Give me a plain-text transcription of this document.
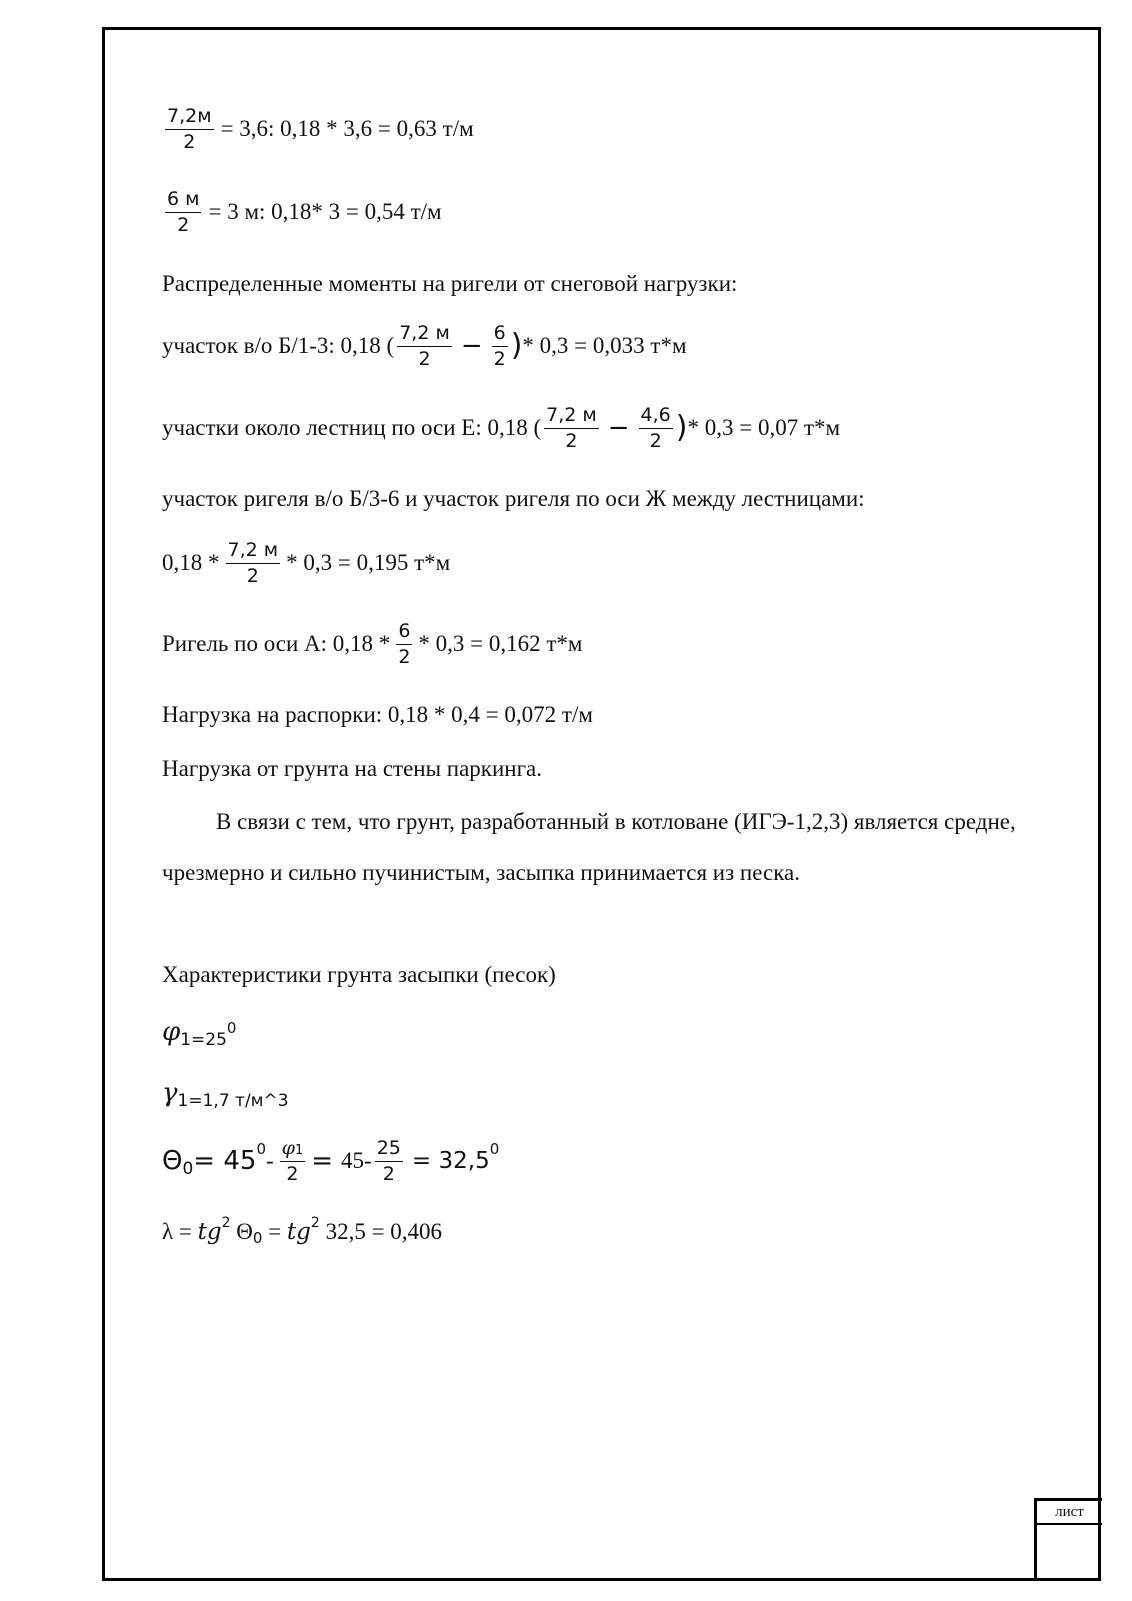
лист
$\frac{7,2м}{2} = 3,6$: 0,18 * 3,6 = 0,63 т/м
$\frac{6 м}{2} = 3$ м: 0,18* 3 = 0,54 т/м
Распределенные моменты на ригели от снеговой нагрузки:
участок в/о Б/1-3: 0,18 ( $\frac{7,2 м}{2} - \frac{6}{2}$ ) * 0,3 = 0,033 т*м
участки около лестниц по оси Е: 0,18 ( $\frac{7,2 м}{2} - \frac{4,6}{2}$ ) * 0,3 = 0,07 т*м
участок ригеля в/о Б/3-6 и участок ригеля по оси Ж между лестницами:
$0,18 * \frac{7,2 м}{2} * 0,3 = 0,195$ т*м
Ригель по оси А: $0,18 * \frac{6}{2} * 0,3 = 0,162$ т*м
Нагрузка на распорки: 0,18 * 0,4 = 0,072 т/м
Нагрузка от грунта на стены паркинга.
В связи с тем, что грунт, разработанный в котловане (ИГЭ-1,2,3) является средне, чрезмерно и сильно пучинистым, засыпка принимается из песка.
Характеристики грунта засыпки (песок)
φ 1=25
0
γ 1=1,7 т/м^3
Θ 0 = 45 $0 - \frac{\varphi 1}{2} = 45- \frac{25}{2} = 32,5$ 0
λ = tg 2 Θ 0 = tg 2 32,5 = 0,406
